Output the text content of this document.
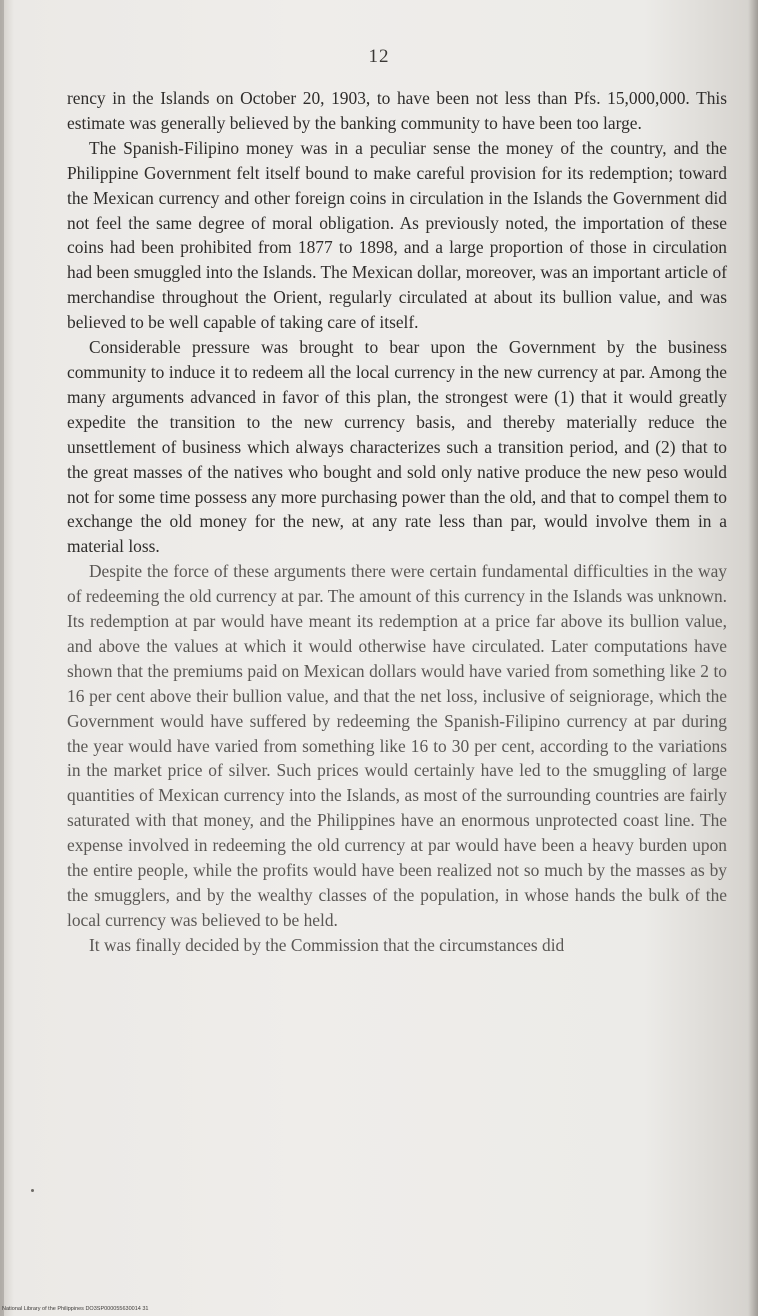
12

rency in the Islands on October 20, 1903, to have been not less than Pfs. 15,000,000. This estimate was generally believed by the banking community to have been too large.

The Spanish-Filipino money was in a peculiar sense the money of the country, and the Philippine Government felt itself bound to make careful provision for its redemption; toward the Mexican currency and other foreign coins in circulation in the Islands the Government did not feel the same degree of moral obligation. As previously noted, the importation of these coins had been prohibited from 1877 to 1898, and a large proportion of those in circulation had been smuggled into the Islands. The Mexican dollar, moreover, was an important article of merchandise throughout the Orient, regularly circulated at about its bullion value, and was believed to be well capable of taking care of itself.

Considerable pressure was brought to bear upon the Government by the business community to induce it to redeem all the local currency in the new currency at par. Among the many arguments advanced in favor of this plan, the strongest were (1) that it would greatly expedite the transition to the new currency basis, and thereby materially reduce the unsettlement of business which always characterizes such a transition period, and (2) that to the great masses of the natives who bought and sold only native produce the new peso would not for some time possess any more purchasing power than the old, and that to compel them to exchange the old money for the new, at any rate less than par, would involve them in a material loss.

Despite the force of these arguments there were certain fundamental difficulties in the way of redeeming the old currency at par. The amount of this currency in the Islands was unknown. Its redemption at par would have meant its redemption at a price far above its bullion value, and above the values at which it would otherwise have circulated. Later computations have shown that the premiums paid on Mexican dollars would have varied from something like 2 to 16 per cent above their bullion value, and that the net loss, inclusive of seigniorage, which the Government would have suffered by redeeming the Spanish-Filipino currency at par during the year would have varied from something like 16 to 30 per cent, according to the variations in the market price of silver. Such prices would certainly have led to the smuggling of large quantities of Mexican currency into the Islands, as most of the surrounding countries are fairly saturated with that money, and the Philippines have an enormous unprotected coast line. The expense involved in redeeming the old currency at par would have been a heavy burden upon the entire people, while the profits would have been realized not so much by the masses as by the smugglers, and by the wealthy classes of the population, in whose hands the bulk of the local currency was believed to be held.

It was finally decided by the Commission that the circumstances did

National Library of the Philippines DO3SP000055630014 31
